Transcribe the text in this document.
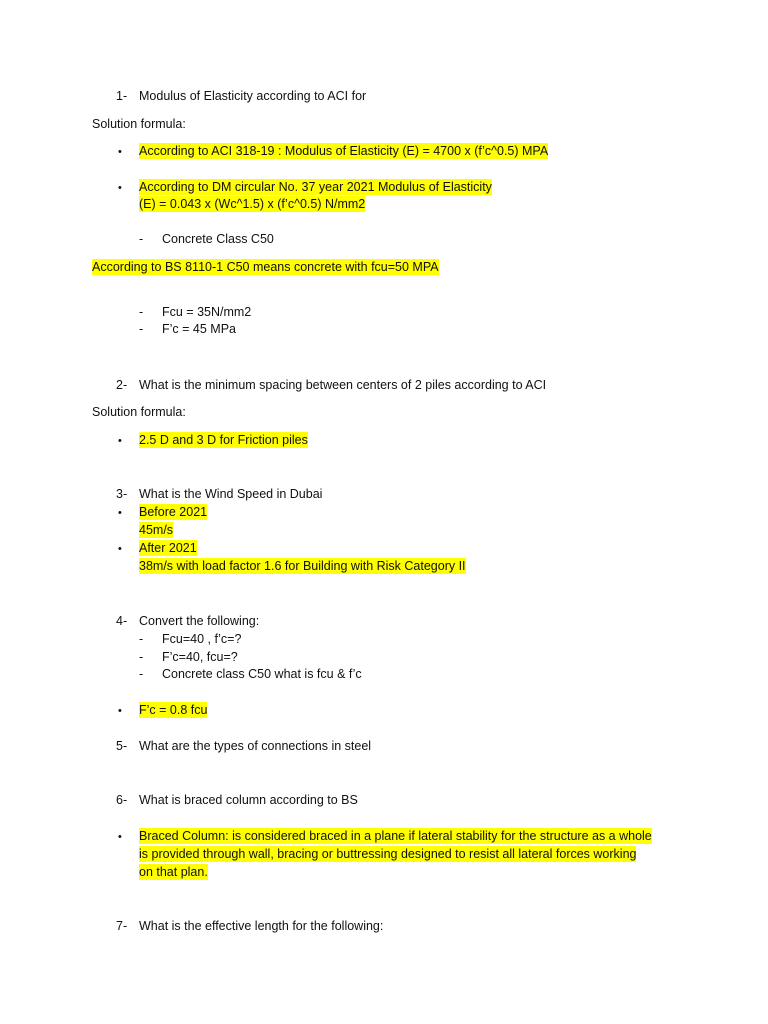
1- Modulus of Elasticity according to ACI for
Solution formula:
• According to ACI 318-19 : Modulus of Elasticity (E) = 4700 x (f’c^0.5) MPA
• According to DM circular No. 37 year 2021 Modulus of Elasticity
(E) = 0.043 x (Wc^1.5) x (f’c^0.5) N/mm2
- Concrete Class C50
According to BS 8110-1 C50 means concrete with fcu=50 MPA
- Fcu = 35N/mm2
- F’c = 45 MPa
2- What is the minimum spacing between centers of 2 piles according to ACI
Solution formula:
• 2.5 D and 3 D for Friction piles
3- What is the Wind Speed in Dubai
• Before 2021
45m/s
• After 2021
38m/s with load factor 1.6 for Building with Risk Category II
4- Convert the following:
- Fcu=40 , f’c=?
- F’c=40, fcu=?
- Concrete class C50 what is fcu & f’c
• F’c = 0.8 fcu
5- What are the types of connections in steel
6- What is braced column according to BS
• Braced Column: is considered braced in a plane if lateral stability for the structure as a whole
is provided through wall, bracing or buttressing designed to resist all lateral forces working
on that plan.
7- What is the effective length for the following:
